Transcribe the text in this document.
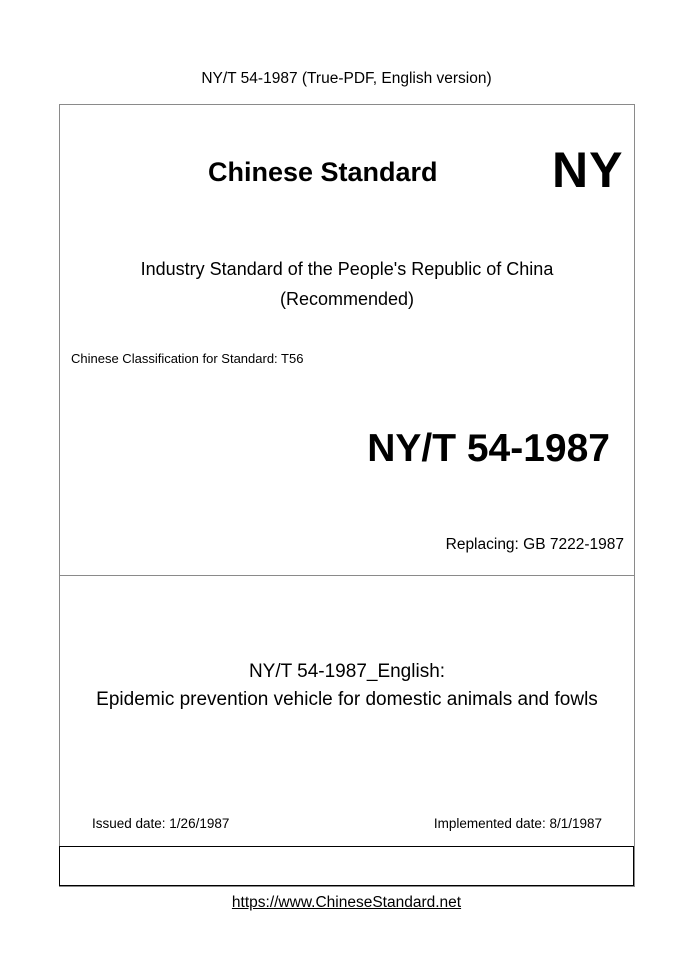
NY/T 54-1987 (True-PDF, English version)
Chinese Standard NY
Industry Standard of the People's Republic of China
(Recommended)
Chinese Classification for Standard: T56
NY/T 54-1987
Replacing: GB 7222-1987
NY/T 54-1987_English:
Epidemic prevention vehicle for domestic animals and fowls
Issued date: 1/26/1987	Implemented date: 8/1/1987
https://www.ChineseStandard.net
